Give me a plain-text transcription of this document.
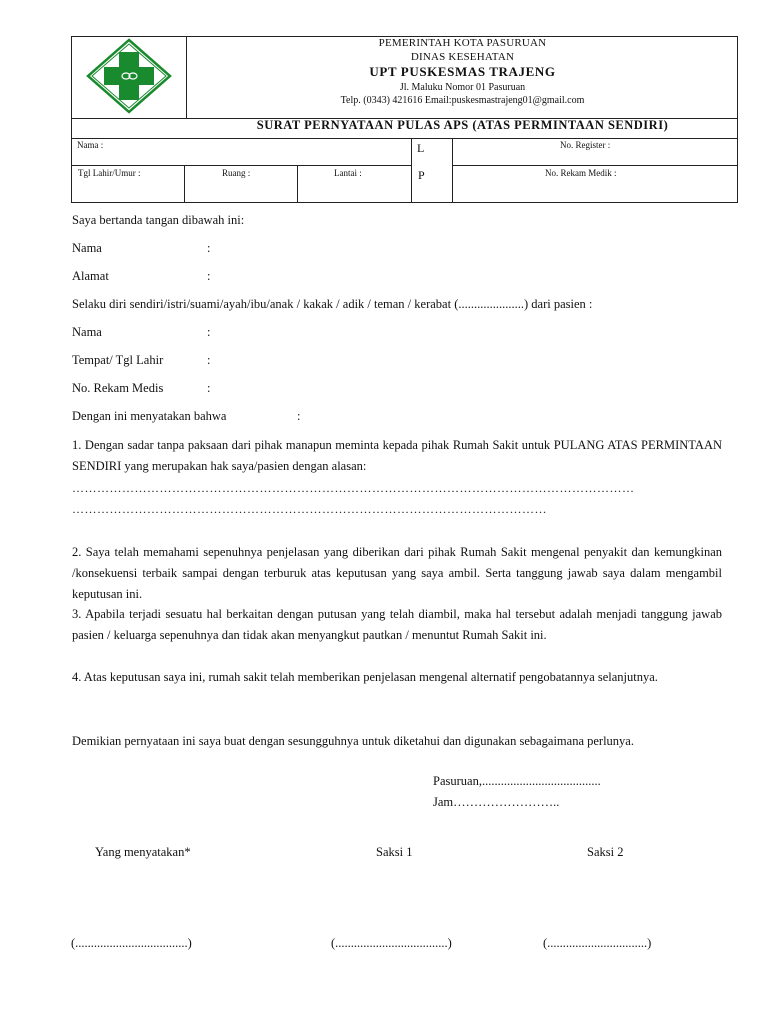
PEMERINTAH KOTA PASURUAN
DINAS KESEHATAN
UPT PUSKESMAS TRAJENG
Jl. Maluku Nomor 01 Pasuruan
Telp. (0343) 421616 Email:puskesmastrajeng01@gmail.com
SURAT PERNYATAAN PULAS APS (ATAS PERMINTAAN SENDIRI)
Nama :	L	No. Register :
Tgl Lahir/Umur :	Ruang :	Lantai :	P	No. Rekam Medik :
Saya bertanda tangan dibawah ini:
Nama	:
Alamat	:
Selaku diri sendiri/istri/suami/ayah/ibu/anak / kakak / adik / teman / kerabat (.....................) dari pasien :
Nama	:
Tempat/ Tgl Lahir	:
No. Rekam Medis	:
Dengan ini menyatakan bahwa	:
1. Dengan sadar tanpa paksaan dari pihak manapun meminta kepada pihak Rumah Sakit untuk PULANG ATAS PERMINTAAN SENDIRI yang merupakan hak saya/pasien dengan alasan:
………………………………………………………………………………………………………………………
……………………………………………………………………………………………………
2. Saya telah memahami sepenuhnya penjelasan yang diberikan dari pihak Rumah Sakit mengenal penyakit dan kemungkinan /konsekuensi terbaik sampai dengan terburuk atas keputusan yang saya ambil. Serta tanggung jawab saya dalam mengambil keputusan ini.
3. Apabila terjadi sesuatu hal berkaitan dengan putusan yang telah diambil, maka hal tersebut adalah menjadi tanggung jawab pasien / keluarga sepenuhnya dan tidak akan menyangkut pautkan / menuntut Rumah Sakit ini.
4. Atas keputusan saya ini, rumah sakit telah memberikan penjelasan mengenal alternatif pengobatannya selanjutnya.
Demikian pernyataan ini saya buat dengan sesungguhnya untuk diketahui dan digunakan sebagaimana perlunya.
Pasuruan,......................................
Jam……………………..
Yang menyatakan*	Saksi 1	Saksi 2
(....................................)	(....................................)	(................................)
